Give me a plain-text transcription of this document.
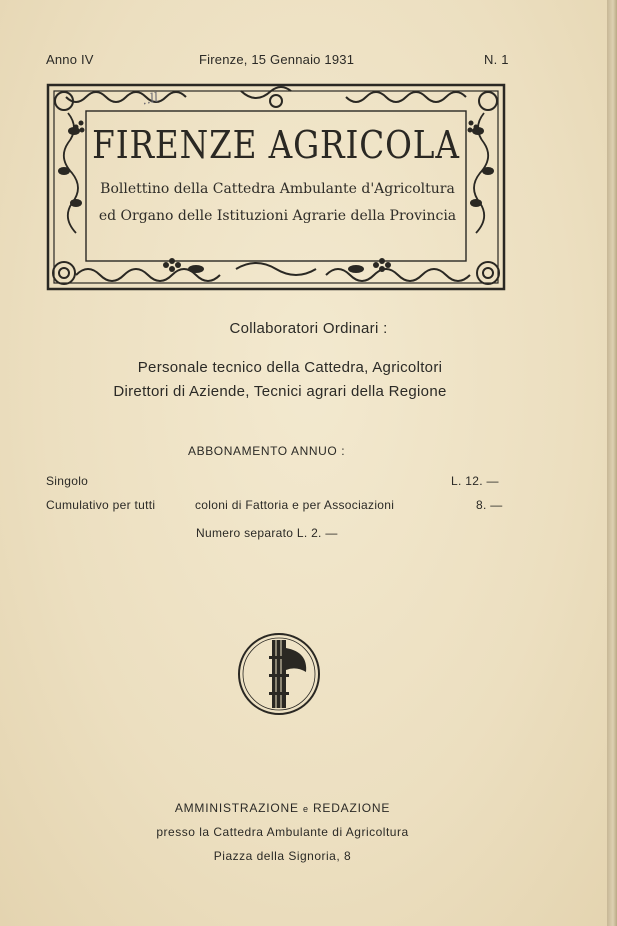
Anno IV	Firenze, 15 Gennaio 1931	N. 1
FIRENZE AGRICOLA
Bollettino della Cattedra Ambulante d'Agricoltura
ed Organo delle Istituzioni Agrarie della Provincia
..ll
Collaboratori Ordinari :
Personale tecnico della Cattedra, Agricoltori
Direttori di Aziende, Tecnici agrari della Regione
ABBONAMENTO ANNUO :
Singolo	L. 12. —
Cumulativo per tutti	coloni di Fattoria e per Associazioni	8. —
Numero separato L. 2. —
AMMINISTRAZIONE e REDAZIONE
presso la Cattedra Ambulante di Agricoltura
Piazza della Signoria, 8
